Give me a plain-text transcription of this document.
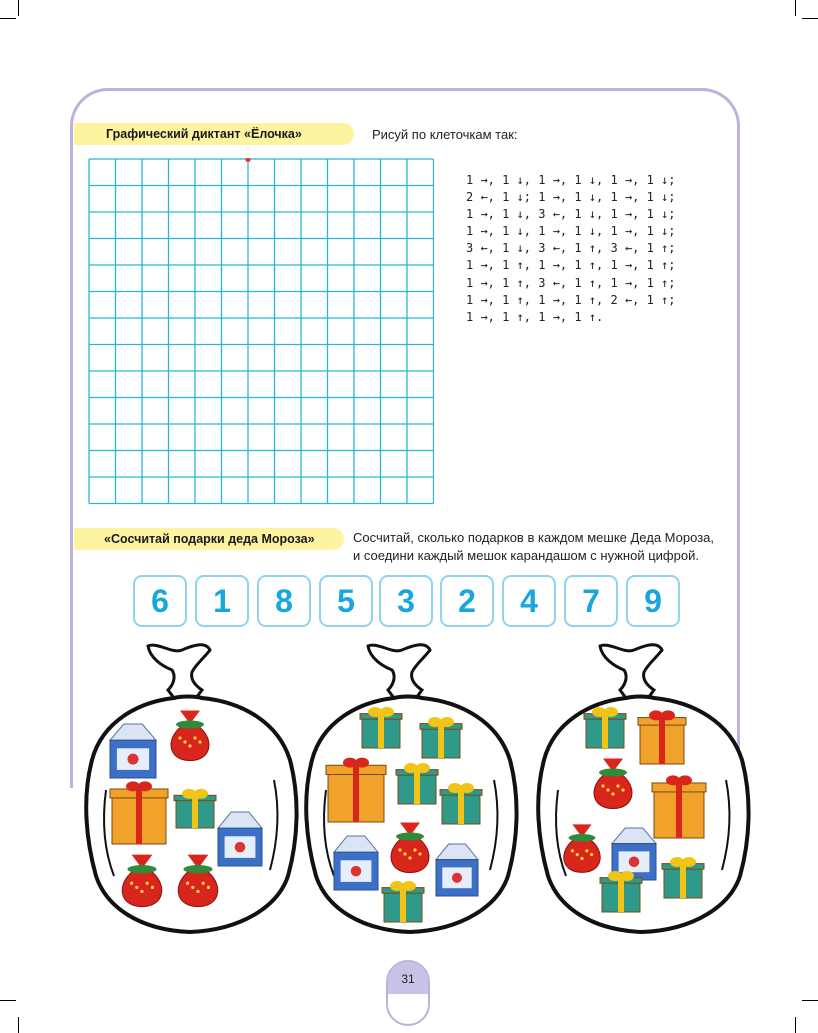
Графический диктант «Ёлочка»	Рисуй по клеточкам так:
1 →, 1 ↓, 1 →, 1 ↓, 1 →, 1 ↓;
2 ←, 1 ↓; 1 →, 1 ↓, 1 →, 1 ↓;
1 →, 1 ↓, 3 ←, 1 ↓, 1 →, 1 ↓;
1 →, 1 ↓, 1 →, 1 ↓, 1 →, 1 ↓;
3 ←, 1 ↓, 3 ←, 1 ↑, 3 ←, 1 ↑;
1 →, 1 ↑, 1 →, 1 ↑, 1 →, 1 ↑;
1 →, 1 ↑, 3 ←, 1 ↑, 1 →, 1 ↑;
1 →, 1 ↑, 1 →, 1 ↑, 2 ←, 1 ↑;
1 →, 1 ↑, 1 →, 1 ↑.
«Сосчитай подарки деда Мороза»	Сосчитай, сколько подарков в каждом мешке Деда Мороза,
и соедини каждый мешок карандашом с нужной цифрой.
6	1	8	5	3	2	4	7	9
31
